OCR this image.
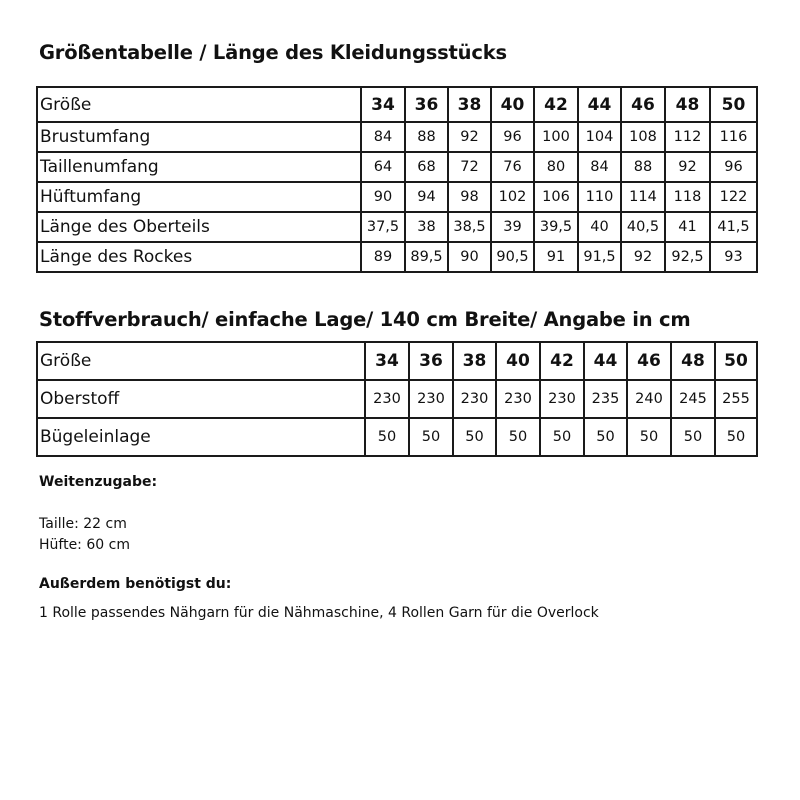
Größentabelle / Länge des Kleidungsstücks
Größe	34	36	38	40	42	44	46	48	50
Brustumfang	84	88	92	96	100	104	108	112	116
Taillenumfang	64	68	72	76	80	84	88	92	96
Hüftumfang	90	94	98	102	106	110	114	118	122
Länge des Oberteils	37,5	38	38,5	39	39,5	40	40,5	41	41,5
Länge des Rockes	89	89,5	90	90,5	91	91,5	92	92,5	93
Stoffverbrauch/ einfache Lage/ 140 cm Breite/ Angabe in cm
Größe	34	36	38	40	42	44	46	48	50
Oberstoff	230	230	230	230	230	235	240	245	255
Bügeleinlage	50	50	50	50	50	50	50	50	50

Weitenzugabe:

Taille: 22 cm

Hüfte: 60 cm

Außerdem benötigst du:

1 Rolle passendes Nähgarn für die Nähmaschine, 4 Rollen Garn für die Overlock
